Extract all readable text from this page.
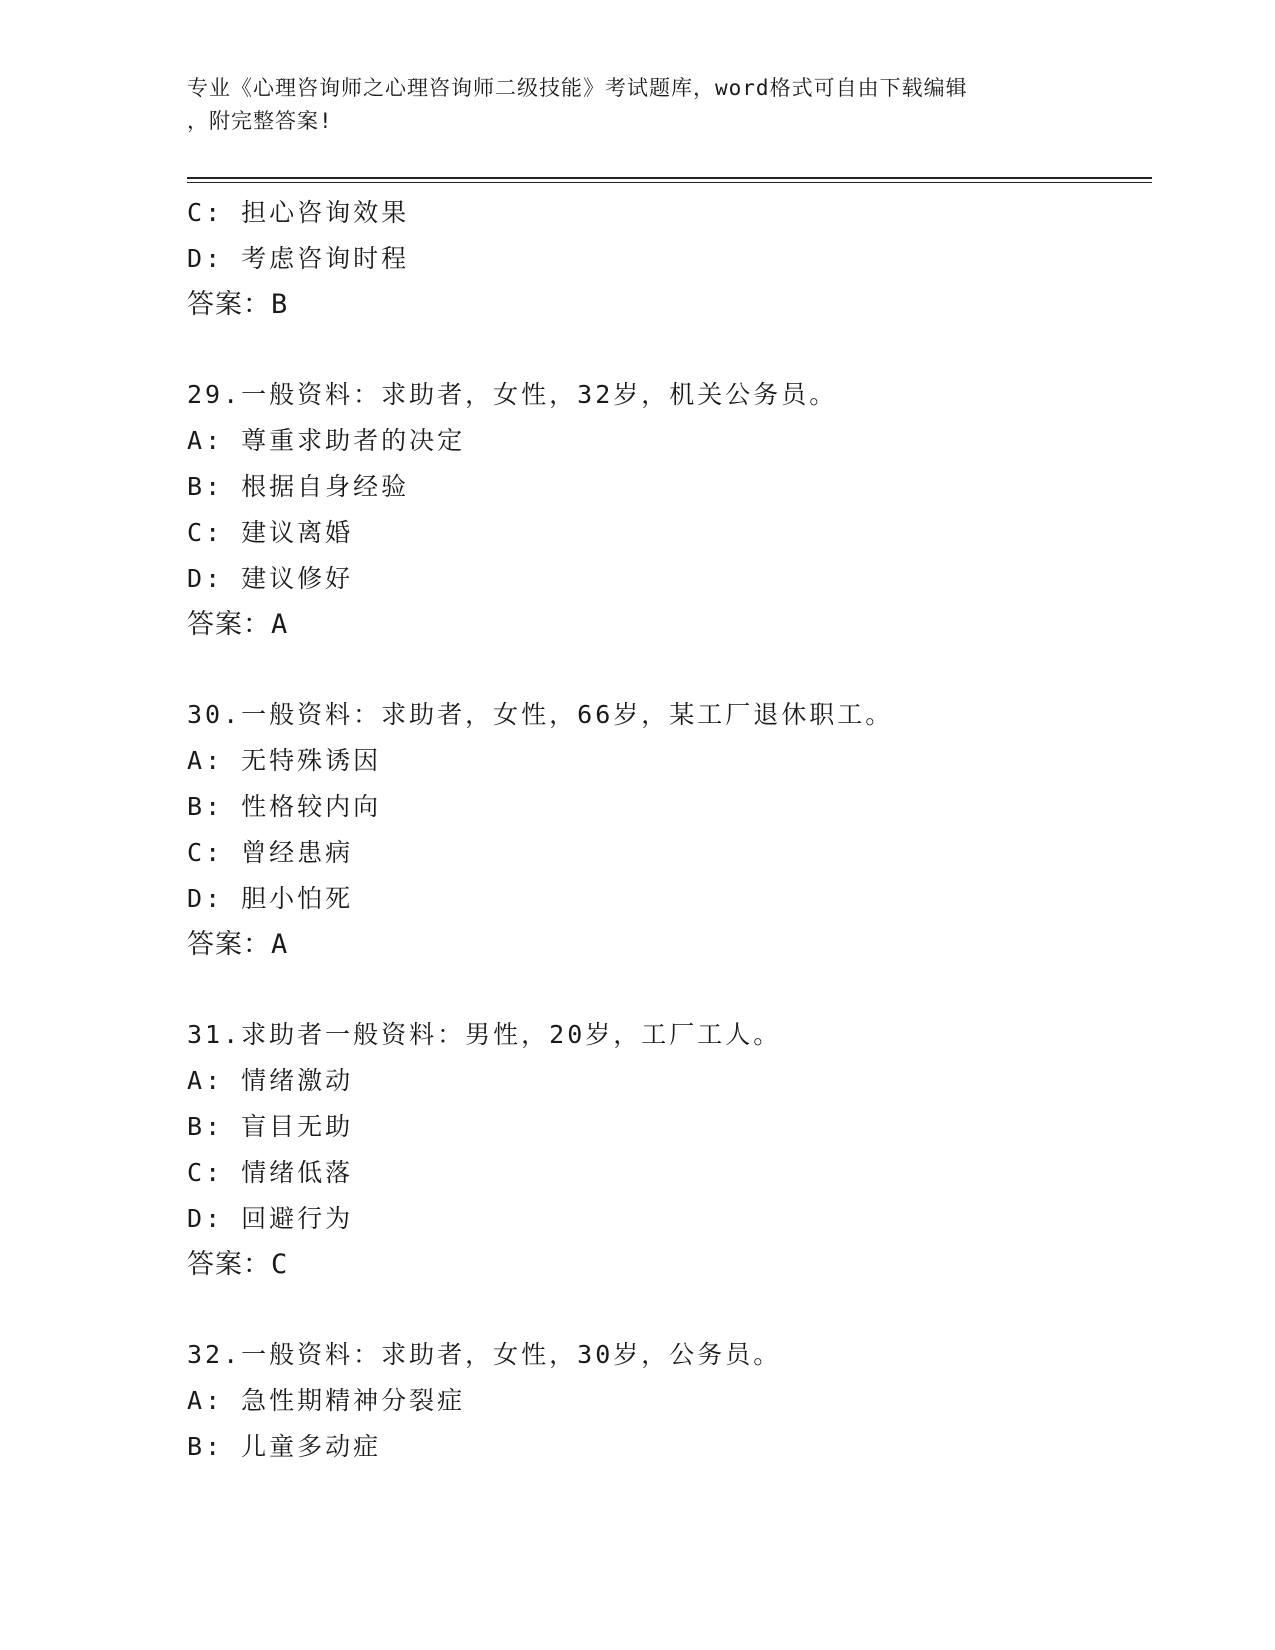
专业《心理咨询师之心理咨询师二级技能》考试题库，word格式可自由下载编辑
，附完整答案!
C: 担心咨询效果
D: 考虑咨询时程
答案：B
29.一般资料：求助者，女性，32岁，机关公务员。
A: 尊重求助者的决定
B: 根据自身经验
C: 建议离婚
D: 建议修好
答案：A
30.一般资料：求助者，女性，66岁，某工厂退休职工。
A: 无特殊诱因
B: 性格较内向
C: 曾经患病
D: 胆小怕死
答案：A
31.求助者一般资料：男性，20岁，工厂工人。
A: 情绪激动
B: 盲目无助
C: 情绪低落
D: 回避行为
答案：C
32.一般资料：求助者，女性，30岁，公务员。
A: 急性期精神分裂症
B: 儿童多动症
